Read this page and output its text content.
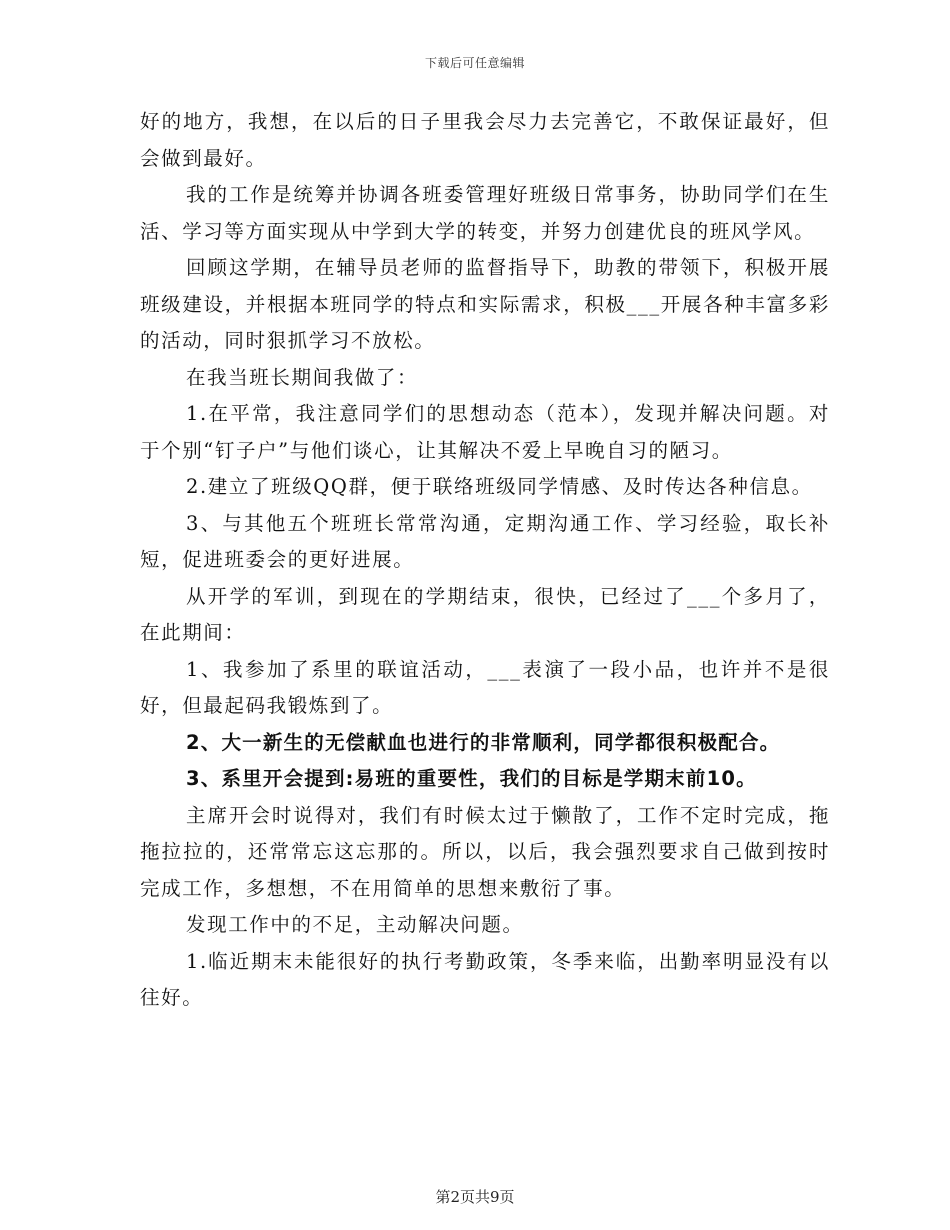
下载后可任意编辑

好的地方，我想，在以后的日子里我会尽力去完善它，不敢保证最好，但会做到最好。

我的工作是统筹并协调各班委管理好班级日常事务，协助同学们在生活、学习等方面实现从中学到大学的转变，并努力创建优良的班风学风。

回顾这学期，在辅导员老师的监督指导下，助教的带领下，积极开展班级建设，并根据本班同学的特点和实际需求，积极___开展各种丰富多彩的活动，同时狠抓学习不放松。

在我当班长期间我做了：

1.在平常，我注意同学们的思想动态（范本），发现并解决问题。对于个别“钉子户”与他们谈心，让其解决不爱上早晚自习的陋习。

2.建立了班级QQ群，便于联络班级同学情感、及时传达各种信息。

3、与其他五个班班长常常沟通，定期沟通工作、学习经验，取长补短，促进班委会的更好进展。

从开学的军训，到现在的学期结束，很快，已经过了___个多月了，在此期间：

1、我参加了系里的联谊活动，___表演了一段小品，也许并不是很好，但最起码我锻炼到了。

2、大一新生的无偿献血也进行的非常顺利，同学都很积极配合。

3、系里开会提到:易班的重要性，我们的目标是学期末前10。

主席开会时说得对，我们有时候太过于懒散了，工作不定时完成，拖拖拉拉的，还常常忘这忘那的。所以，以后，我会强烈要求自己做到按时完成工作，多想想，不在用简单的思想来敷衍了事。

发现工作中的不足，主动解决问题。

1.临近期末未能很好的执行考勤政策，冬季来临，出勤率明显没有以往好。

第2页共9页
